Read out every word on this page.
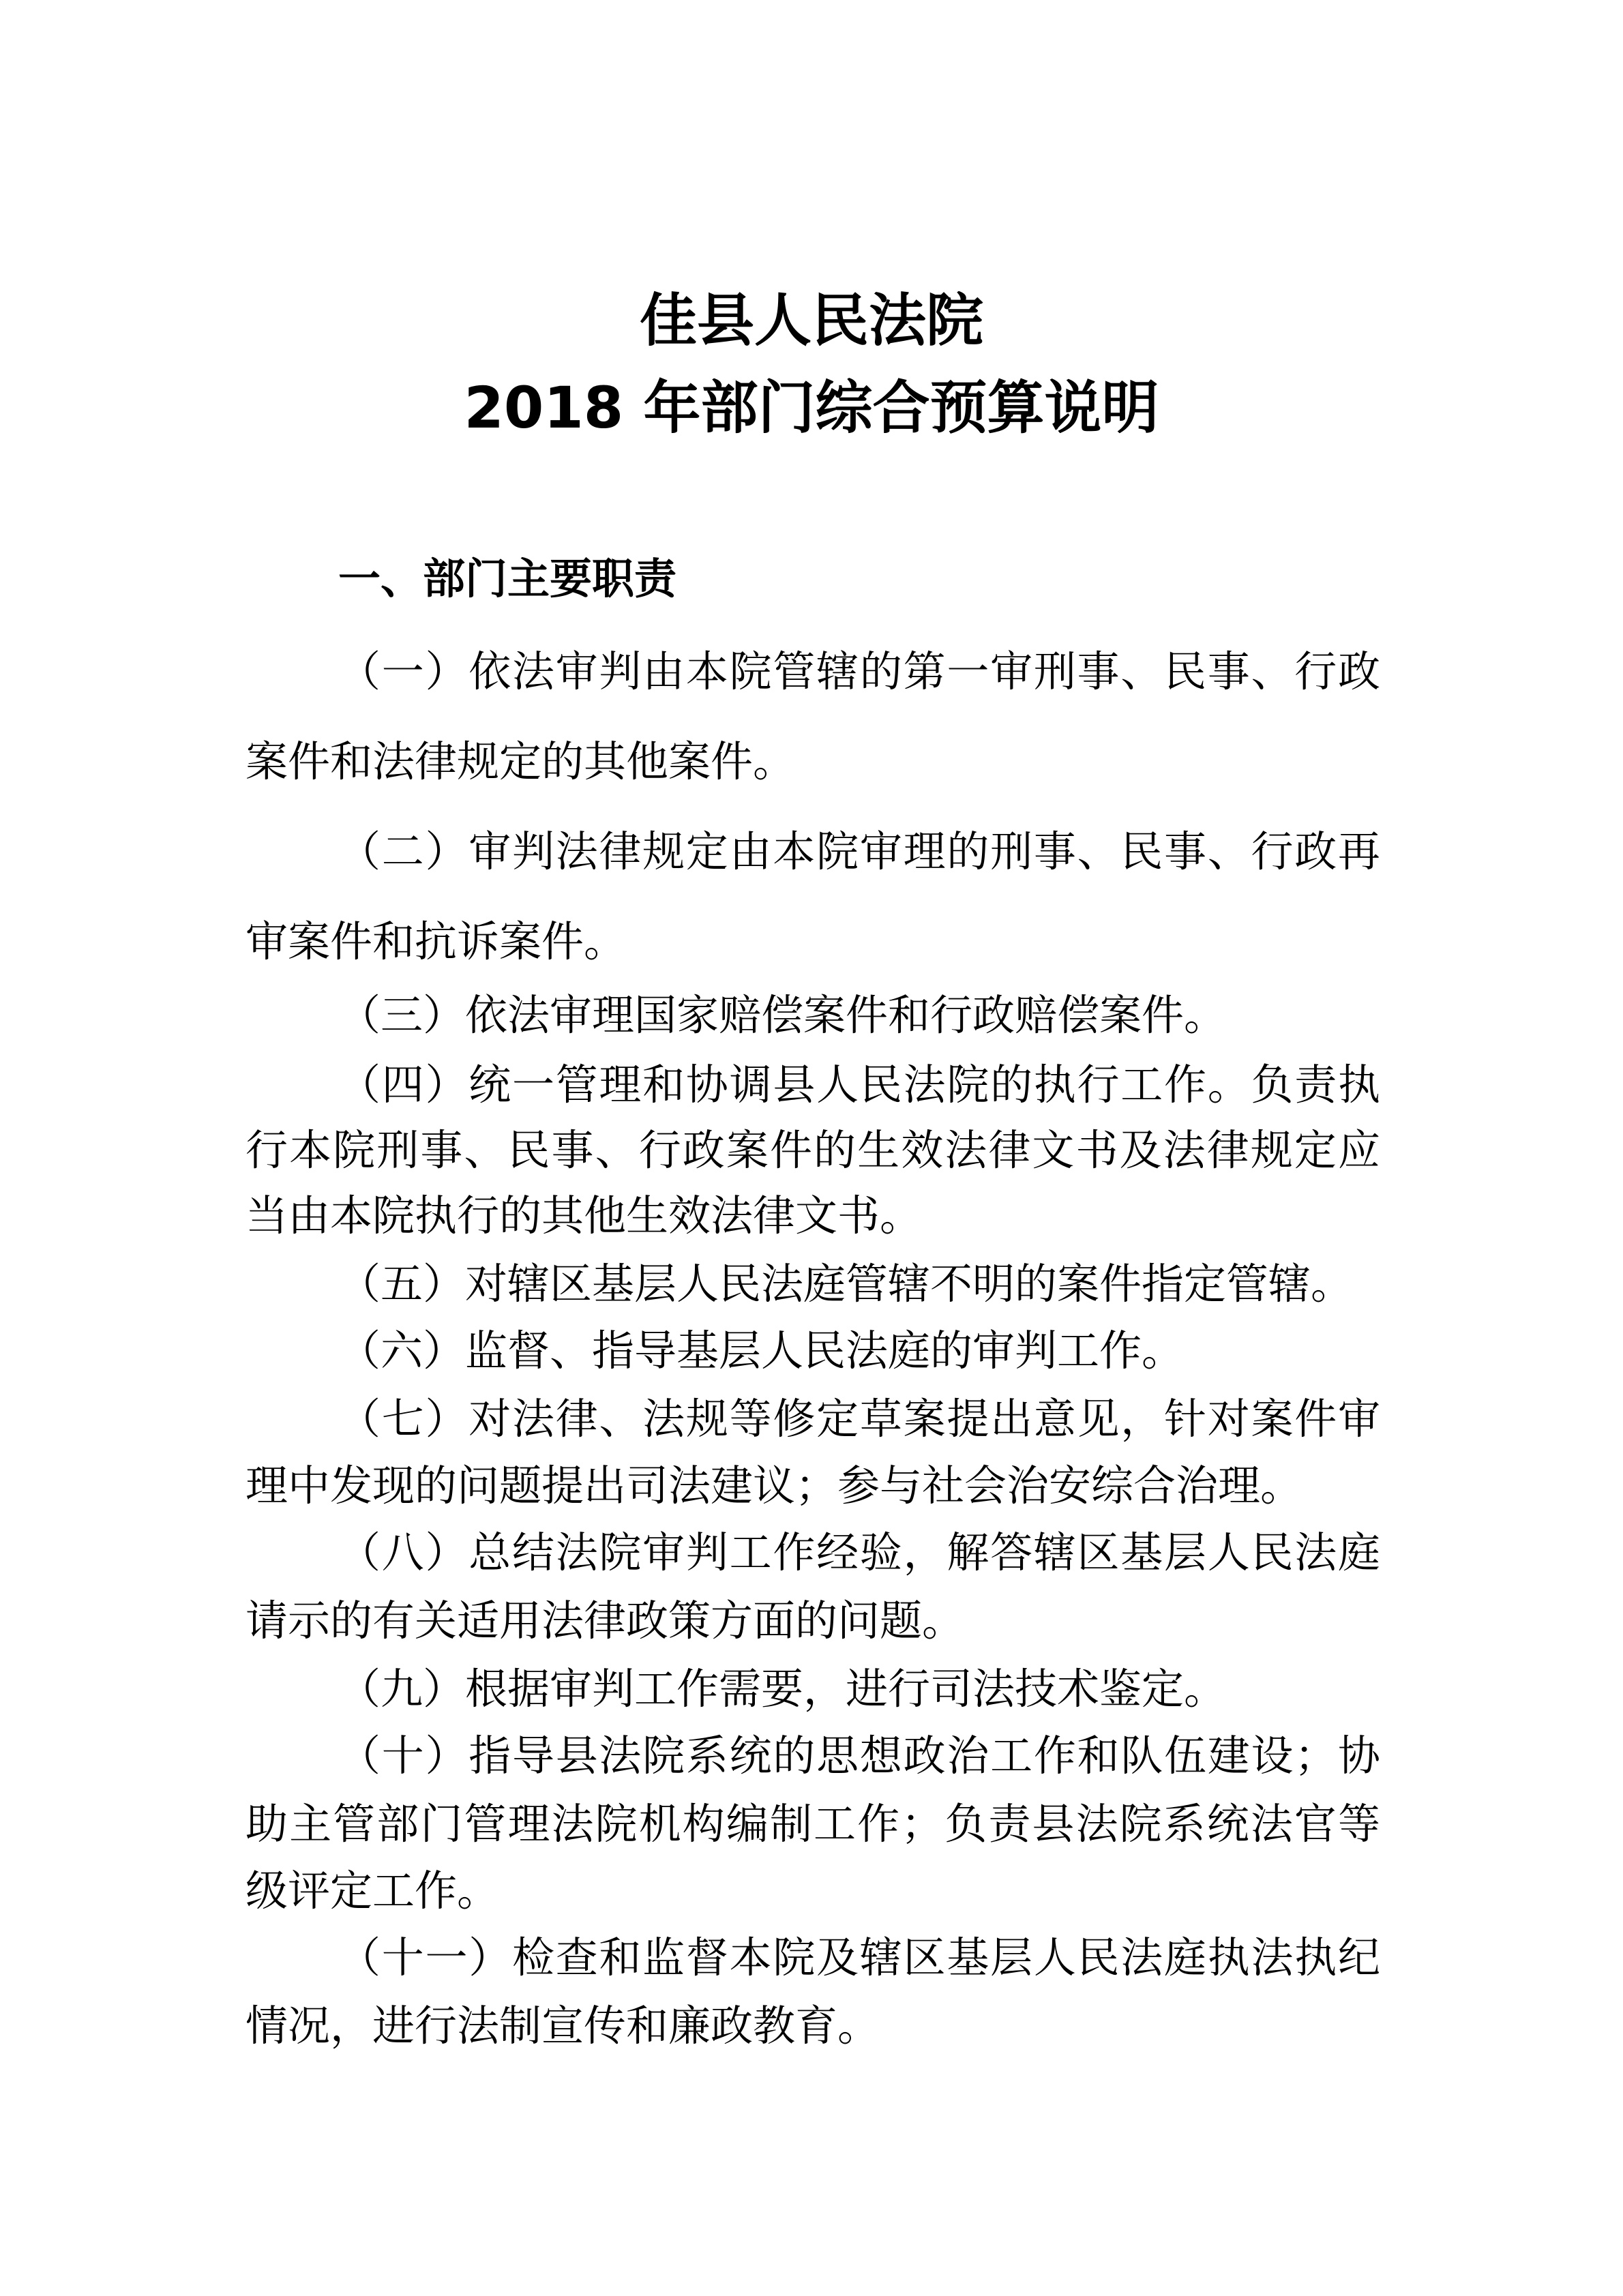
佳县人民法院
2018 年部门综合预算说明
一、部门主要职责
（一）依法审判由本院管辖的第一审刑事、民事、行政
案件和法律规定的其他案件。
（二）审判法律规定由本院审理的刑事、民事、行政再
审案件和抗诉案件。
（三）依法审理国家赔偿案件和行政赔偿案件。
（四）统一管理和协调县人民法院的执行工作。负责执
行本院刑事、民事、行政案件的生效法律文书及法律规定应
当由本院执行的其他生效法律文书。
（五）对辖区基层人民法庭管辖不明的案件指定管辖。
（六）监督、指导基层人民法庭的审判工作。
（七）对法律、法规等修定草案提出意见，针对案件审
理中发现的问题提出司法建议；参与社会治安综合治理。
（八）总结法院审判工作经验，解答辖区基层人民法庭
请示的有关适用法律政策方面的问题。
（九）根据审判工作需要，进行司法技术鉴定。
（十）指导县法院系统的思想政治工作和队伍建设；协
助主管部门管理法院机构编制工作；负责县法院系统法官等
级评定工作。
（十一）检查和监督本院及辖区基层人民法庭执法执纪
情况，进行法制宣传和廉政教育。
